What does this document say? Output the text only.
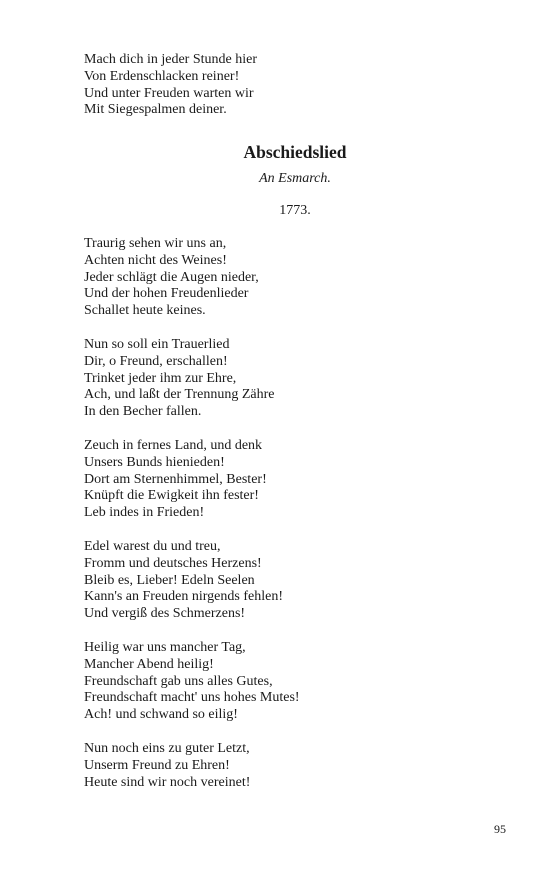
Mach dich in jeder Stunde hier
Von Erdenschlacken reiner!
Und unter Freuden warten wir
Mit Siegespalmen deiner.
Abschiedslied
An Esmarch.
1773.
Traurig sehen wir uns an,
Achten nicht des Weines!
Jeder schlägt die Augen nieder,
Und der hohen Freudenlieder
Schallet heute keines.
Nun so soll ein Trauerlied
Dir, o Freund, erschallen!
Trinket jeder ihm zur Ehre,
Ach, und laßt der Trennung Zähre
In den Becher fallen.
Zeuch in fernes Land, und denk
Unsers Bunds hienieden!
Dort am Sternenhimmel, Bester!
Knüpft die Ewigkeit ihn fester!
Leb indes in Frieden!
Edel warest du und treu,
Fromm und deutsches Herzens!
Bleib es, Lieber! Edeln Seelen
Kann's an Freuden nirgends fehlen!
Und vergiß des Schmerzens!
Heilig war uns mancher Tag,
Mancher Abend heilig!
Freundschaft gab uns alles Gutes,
Freundschaft macht' uns hohes Mutes!
Ach! und schwand so eilig!
Nun noch eins zu guter Letzt,
Unserm Freund zu Ehren!
Heute sind wir noch vereinet!
95
